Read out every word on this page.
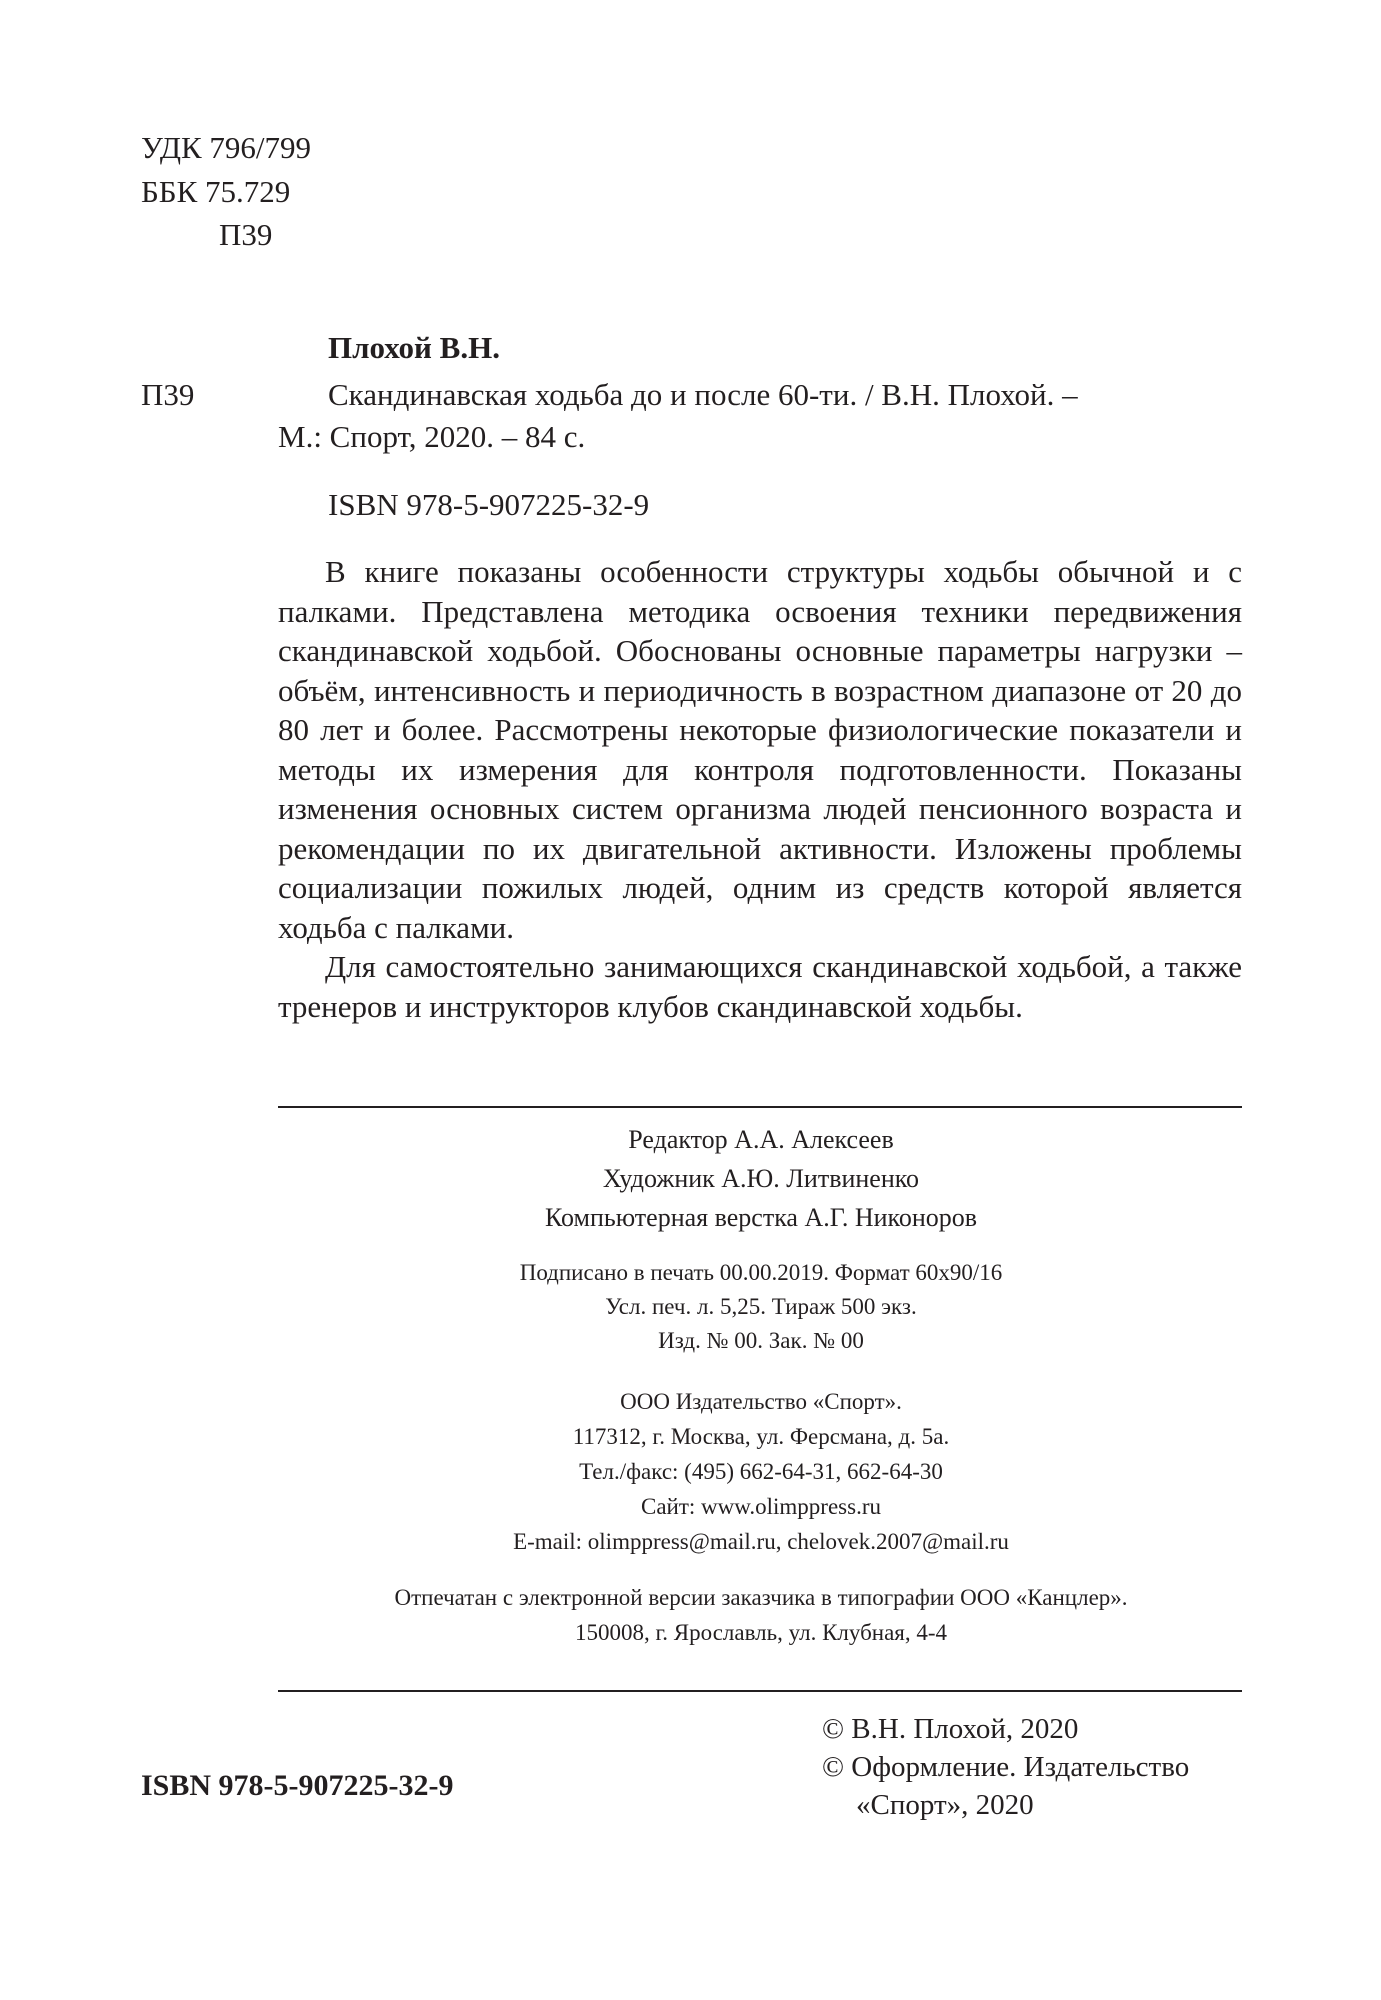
УДК 796/799
ББК 75.729
П39
Плохой В.Н.
П39	Скандинавская ходьба до и после 60-ти. / В.Н. Плохой. –
М.: Спорт, 2020. – 84 с.
ISBN 978-5-907225-32-9

В книге показаны особенности структуры ходьбы обычной и с палками. Представлена методика освоения техники передвижения скандинавской ходьбой. Обоснованы основные параметры нагрузки – объём, интенсивность и периодичность в возрастном диапазоне от 20 до 80 лет и более. Рассмотрены некоторые физиологические показатели и методы их измерения для контроля подготовленности. Показаны изменения основных систем организма людей пенсионного возраста и рекомендации по их двигательной активности. Изложены проблемы социализации пожилых людей, одним из средств которой является ходьба с палками.

Для самостоятельно занимающихся скандинавской ходьбой, а также тренеров и инструкторов клубов скандинавской ходьбы.

Редактор А.А. Алексеев
Художник А.Ю. Литвиненко
Компьютерная верстка А.Г. Никоноров
Подписано в печать 00.00.2019. Формат 60х90/16
Усл. печ. л. 5,25. Тираж 500 экз.
Изд. № 00. Зак. № 00
ООО Издательство «Спорт».
117312, г. Москва, ул. Ферсмана, д. 5а.
Тел./факс: (495) 662-64-31, 662-64-30
Сайт: www.olimppress.ru
E-mail: olimppress@mail.ru, chelovek.2007@mail.ru
Отпечатан с электронной версии заказчика в типографии ООО «Канцлер».
150008, г. Ярославль, ул. Клубная, 4-4
ISBN 978-5-907225-32-9
© В.Н. Плохой, 2020
© Оформление. Издательство
«Спорт», 2020
